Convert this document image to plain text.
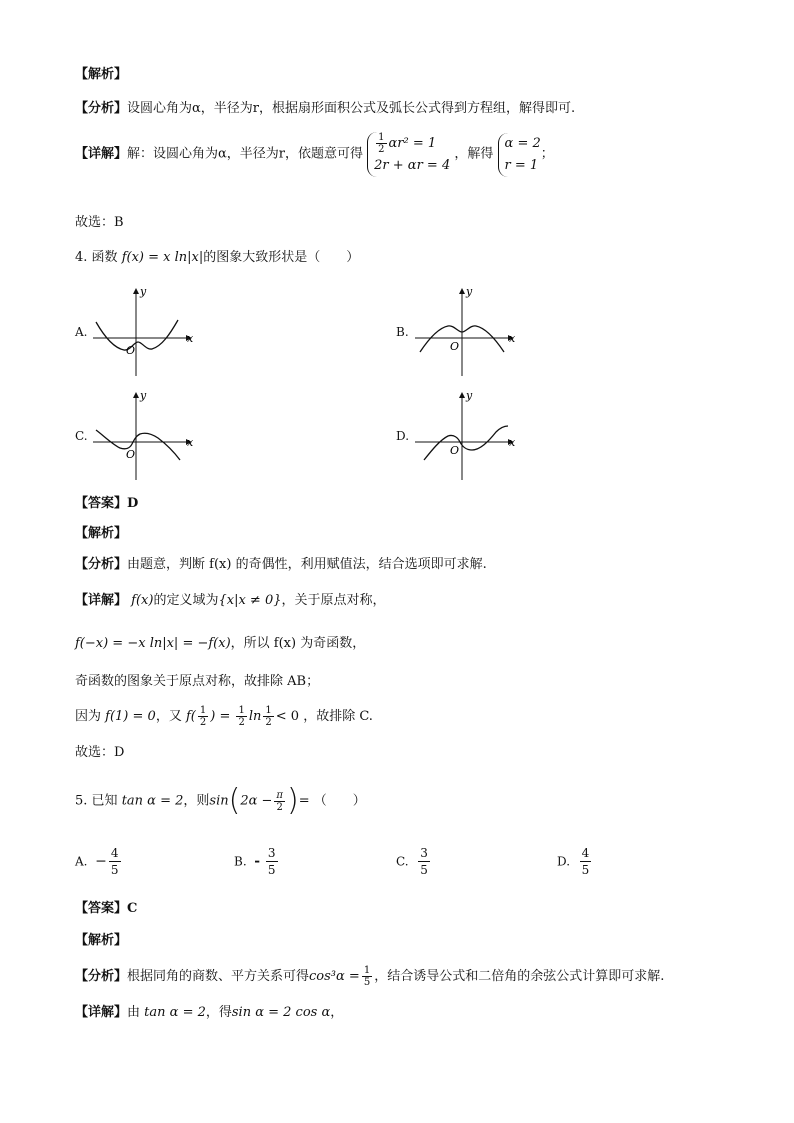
【解析】
【分析】设圆心角为α，半径为r，根据扇形面积公式及弧长公式得到方程组，解得即可.
【详解】解：设圆心角为α，半径为r，依题意可得 $\frac{1}{2} \alpha r^2 = 1$
2r + αr = 4
，解得
α = 2
r = 1
；
故选：B
4. 函数 f(x) = x ln|x|的图象大致形状是（　　）
A.	B.
C.	D.
y
x
O
y
x
O
y
x
O
y
x
O
【答案】D
【解析】
【分析】由题意，判断 f(x) 的奇偶性，利用赋值法，结合选项即可求解.
【详解】 f(x)的定义域为{x|x ≠ 0}，关于原点对称，
f(−x) = −x ln|x| = −f(x)，所以 f(x) 为奇函数，
奇函数的图象关于原点对称，故排除 AB；
因为 f(1) = 0，又 $f( \frac{1}{2}$ ) = $\frac{1}{2}$ $\ln \frac{1}{2} < 0$ ，故排除 C.
故选：D
5. 已知 tan α = 2，则$\sin(2\alpha - \frac{\pi}{2}$ )= （　　）
A. − $\frac{4}{5}$	B. - $\frac{3}{5}$	C. $\frac{3}{5}$	D. $\frac{4}{5}$
【答案】C
【解析】
【分析】根据同角的商数、平方关系可得$\cos^3\alpha = \frac{1}{5}$ ，结合诱导公式和二倍角的余弦公式计算即可求解.
【详解】由 tan α = 2，得sin α = 2 cos α，
